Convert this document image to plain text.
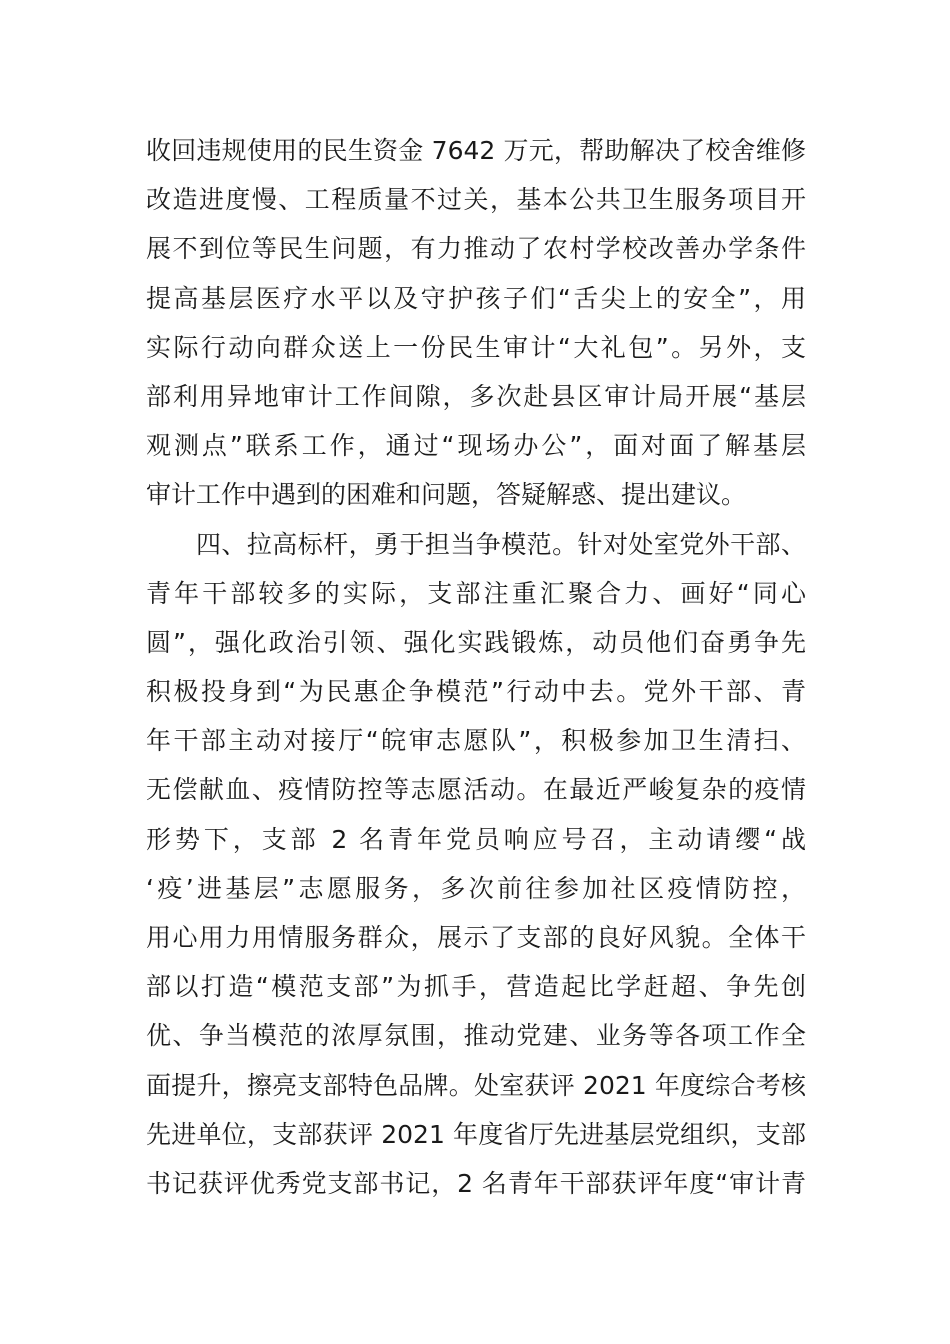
收回违规使用的民生资金 7642 万元，帮助解决了校舍维修
改造进度慢、工程质量不过关，基本公共卫生服务项目开
展不到位等民生问题，有力推动了农村学校改善办学条件
提高基层医疗水平以及守护孩子们“舌尖上的安全”，用
实际行动向群众送上一份民生审计“大礼包”。另外，支
部利用异地审计工作间隙，多次赴县区审计局开展“基层
观测点”联系工作，通过“现场办公”，面对面了解基层
审计工作中遇到的困难和问题，答疑解惑、提出建议。
四、拉高标杆，勇于担当争模范。针对处室党外干部、
青年干部较多的实际，支部注重汇聚合力、画好“同心
圆”，强化政治引领、强化实践锻炼，动员他们奋勇争先
积极投身到“为民惠企争模范”行动中去。党外干部、青
年干部主动对接厅“皖审志愿队”，积极参加卫生清扫、
无偿献血、疫情防控等志愿活动。在最近严峻复杂的疫情
形势下，支部 2 名青年党员响应号召，主动请缨“战
‘疫’进基层”志愿服务，多次前往参加社区疫情防控，
用心用力用情服务群众，展示了支部的良好风貌。全体干
部以打造“模范支部”为抓手，营造起比学赶超、争先创
优、争当模范的浓厚氛围，推动党建、业务等各项工作全
面提升，擦亮支部特色品牌。处室获评 2021 年度综合考核
先进单位，支部获评 2021 年度省厅先进基层党组织，支部
书记获评优秀党支部书记，2 名青年干部获评年度“审计青
